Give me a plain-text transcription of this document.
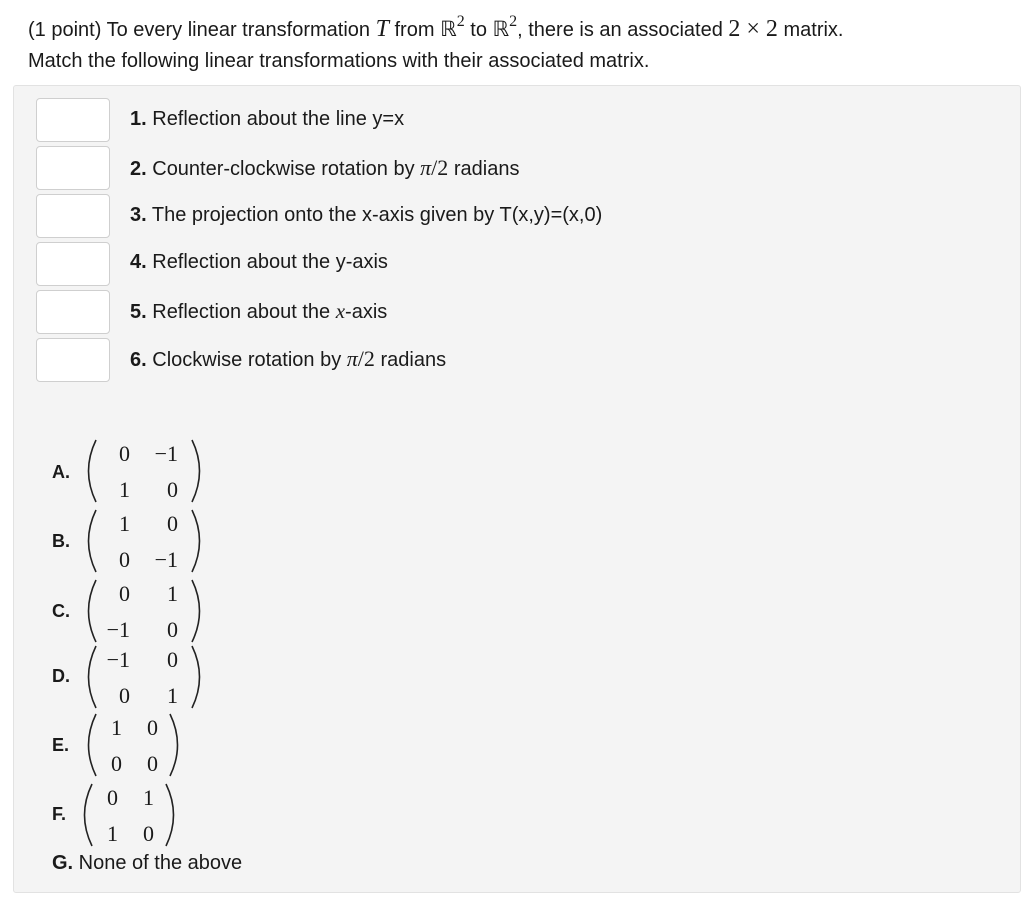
(1 point) To every linear transformation T from ℝ$^2$ to ℝ$^2$, there is an associated 2 × 2 matrix.
Match the following linear transformations with their associated matrix.
1. Reflection about the line y=x
2. Counter-clockwise rotation by π/2 radians
3. The projection onto the x-axis given by T(x,y)=(x,0)
4. Reflection about the y-axis
5. Reflection about the x-axis
6. Clockwise rotation by π/2 radians
A.
0	−1
1	0
B.
1	0
0	−1
C.
0	1
−1	0
D.
−1	0
0	1
E.
1	0
0	0
F.
0	1
1	0
G. None of the above
